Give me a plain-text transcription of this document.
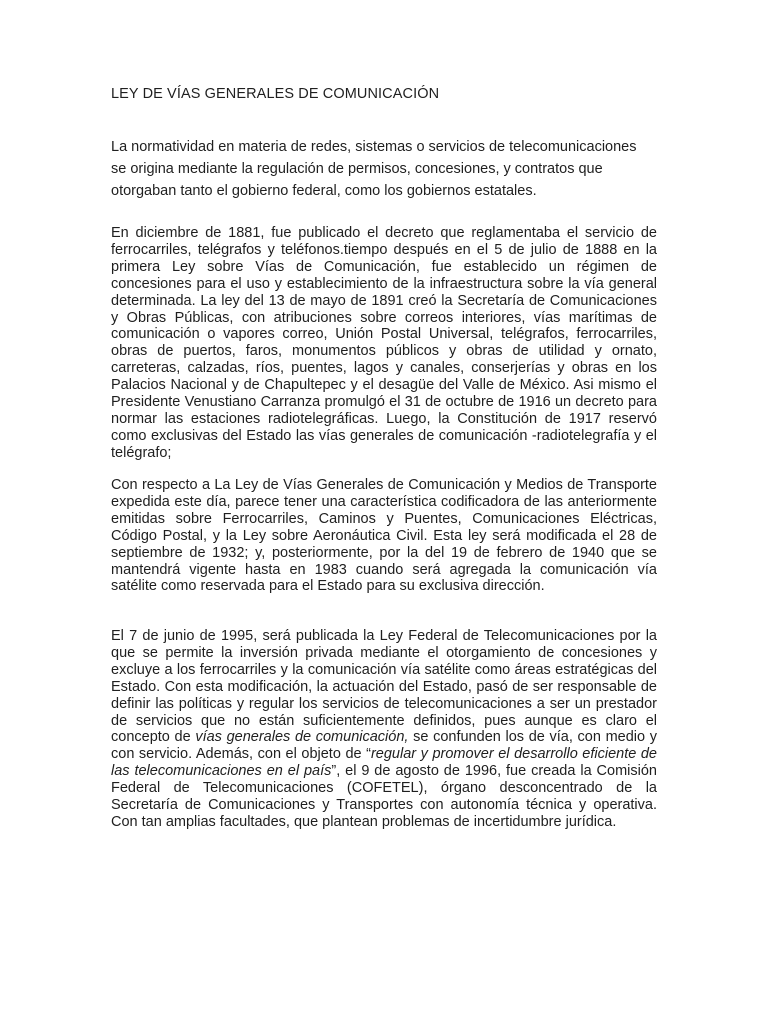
LEY DE VÍAS GENERALES DE COMUNICACIÓN
La normatividad en materia de redes, sistemas o servicios de telecomunicaciones se origina mediante la regulación de permisos, concesiones, y contratos que otorgaban tanto el gobierno federal, como los gobiernos estatales.

En diciembre de 1881, fue publicado el decreto que reglamentaba el servicio de ferrocarriles, telégrafos y teléfonos.tiempo después en el 5 de julio de 1888 en la primera Ley sobre Vías de Comunicación, fue establecido un régimen de concesiones para el uso y establecimiento de la infraestructura sobre la vía general determinada. La ley del 13 de mayo de 1891 creó la Secretaría de Comunicaciones y Obras Públicas, con atribuciones sobre correos interiores, vías marítimas de comunicación o vapores correo, Unión Postal Universal, telégrafos, ferrocarriles, obras de puertos, faros, monumentos públicos y obras de utilidad y ornato, carreteras, calzadas, ríos, puentes, lagos y canales, conserjerías y obras en los Palacios Nacional y de Chapultepec y el desagüe del Valle de México. Asi mismo el Presidente Venustiano Carranza promulgó el 31 de octubre de 1916 un decreto para normar las estaciones radiotelegráficas. Luego, la Constitución de 1917 reservó como exclusivas del Estado las vías generales de comunicación -radiotelegrafía y el telégrafo;

Con respecto a La Ley de Vías Generales de Comunicación y Medios de Transporte expedida este día, parece tener una característica codificadora de las anteriormente emitidas sobre Ferrocarriles, Caminos y Puentes, Comunicaciones Eléctricas, Código Postal, y la Ley sobre Aeronáutica Civil. Esta ley será modificada el 28 de septiembre de 1932; y, posteriormente, por la del 19 de febrero de 1940 que se mantendrá vigente hasta en 1983 cuando será agregada la comunicación vía satélite como reservada para el Estado para su exclusiva dirección.

El 7 de junio de 1995, será publicada la Ley Federal de Telecomunicaciones por la que se permite la inversión privada mediante el otorgamiento de concesiones y excluye a los ferrocarriles y la comunicación vía satélite como áreas estratégicas del Estado. Con esta modificación, la actuación del Estado, pasó de ser responsable de definir las políticas y regular los servicios de telecomunicaciones a ser un prestador de servicios que no están suficientemente definidos, pues aunque es claro el concepto de vías generales de comunicación, se confunden los de vía, con medio y con servicio. Además, con el objeto de “regular y promover el desarrollo eficiente de las telecomunicaciones en el país”, el 9 de agosto de 1996, fue creada la Comisión Federal de Telecomunicaciones (COFETEL), órgano desconcentrado de la Secretaría de Comunicaciones y Transportes con autonomía técnica y operativa. Con tan amplias facultades, que plantean problemas de incertidumbre jurídica.
